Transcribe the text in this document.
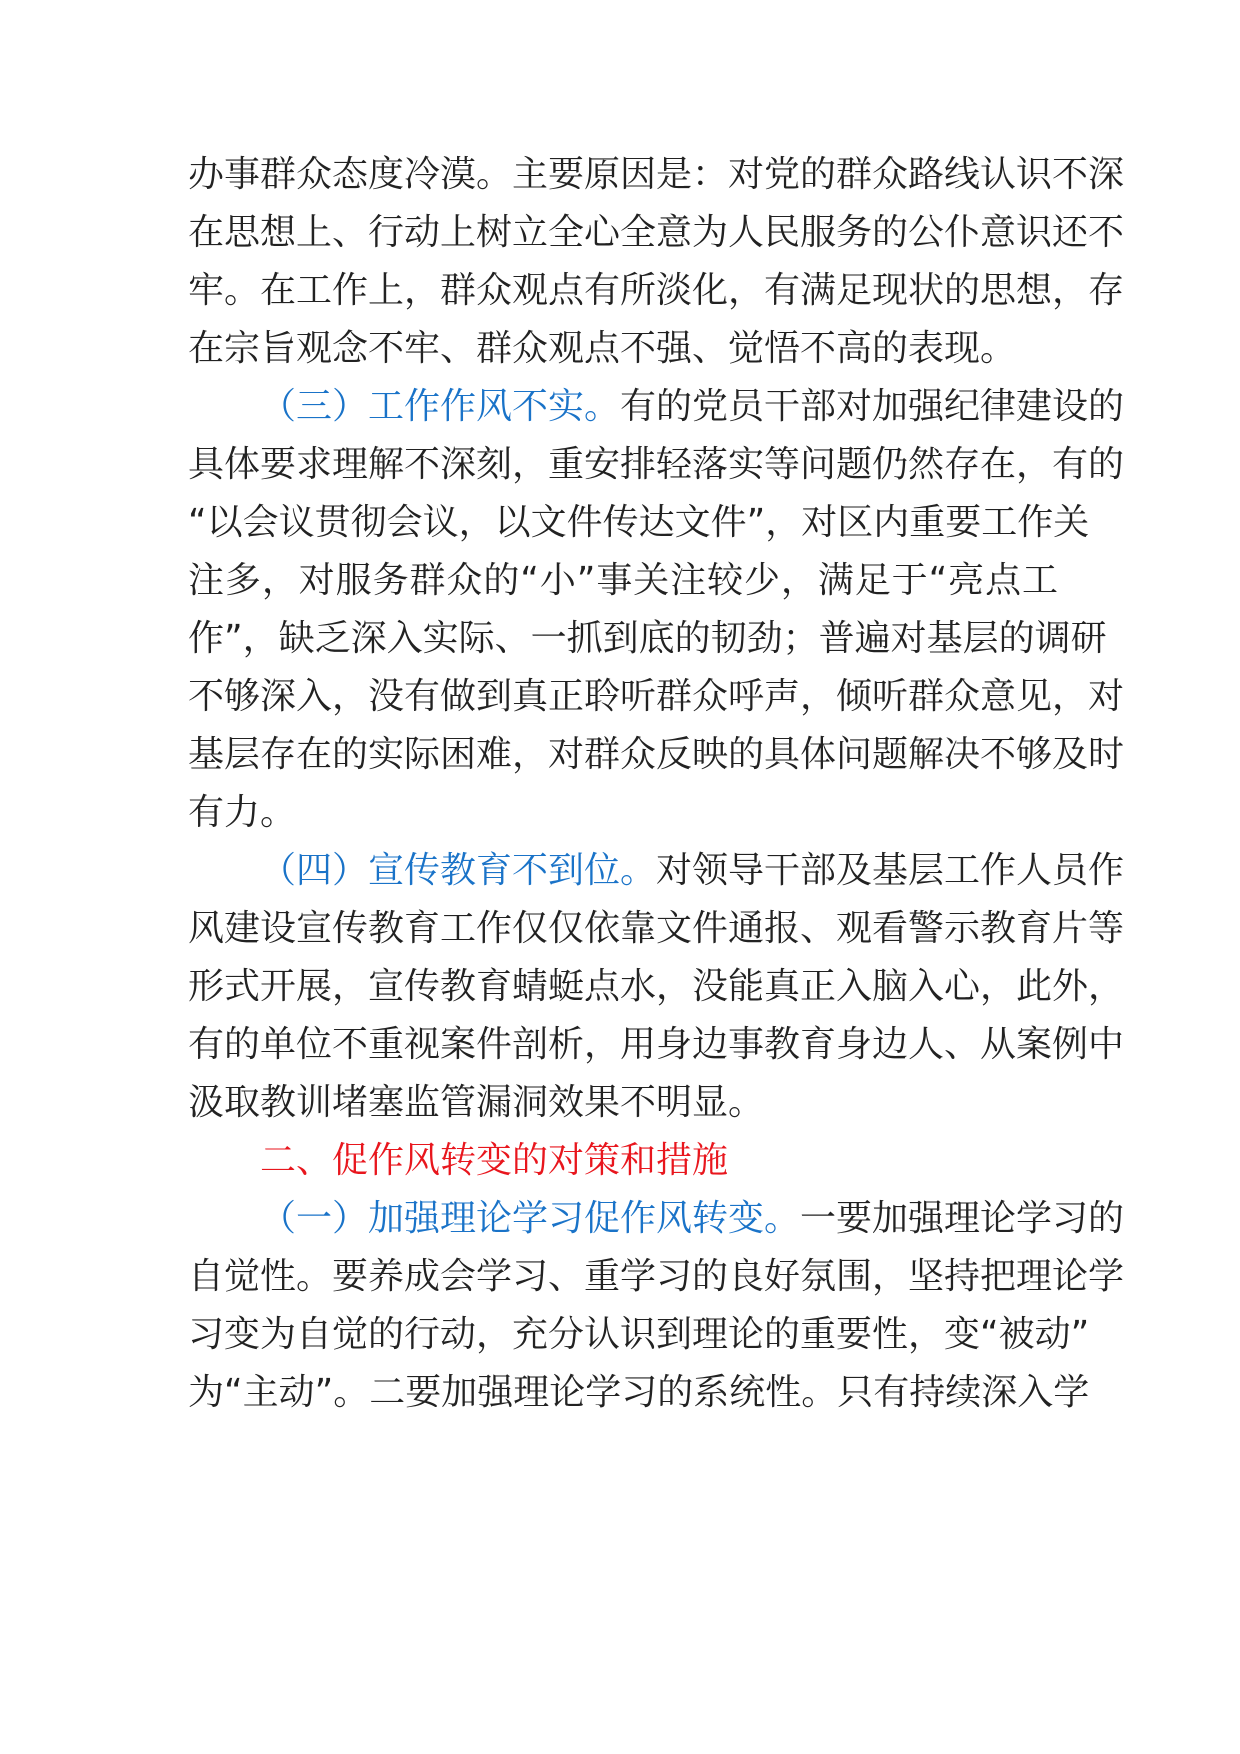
办事群众态度冷漠。主要原因是：对党的群众路线认识不深
在思想上、行动上树立全心全意为人民服务的公仆意识还不
牢。在工作上，群众观点有所淡化，有满足现状的思想，存
在宗旨观念不牢、群众观点不强、觉悟不高的表现。
（三）工作作风不实。有的党员干部对加强纪律建设的
具体要求理解不深刻，重安排轻落实等问题仍然存在，有的
“以会议贯彻会议，以文件传达文件”，对区内重要工作关
注多，对服务群众的“小”事关注较少，满足于“亮点工
作”，缺乏深入实际、一抓到底的韧劲；普遍对基层的调研
不够深入，没有做到真正聆听群众呼声，倾听群众意见，对
基层存在的实际困难，对群众反映的具体问题解决不够及时
有力。
（四）宣传教育不到位。对领导干部及基层工作人员作
风建设宣传教育工作仅仅依靠文件通报、观看警示教育片等
形式开展，宣传教育蜻蜓点水，没能真正入脑入心，此外，
有的单位不重视案件剖析，用身边事教育身边人、从案例中
汲取教训堵塞监管漏洞效果不明显。
二、促作风转变的对策和措施
（一）加强理论学习促作风转变。一要加强理论学习的
自觉性。要养成会学习、重学习的良好氛围，坚持把理论学
习变为自觉的行动，充分认识到理论的重要性，变“被动”
为“主动”。二要加强理论学习的系统性。只有持续深入学
